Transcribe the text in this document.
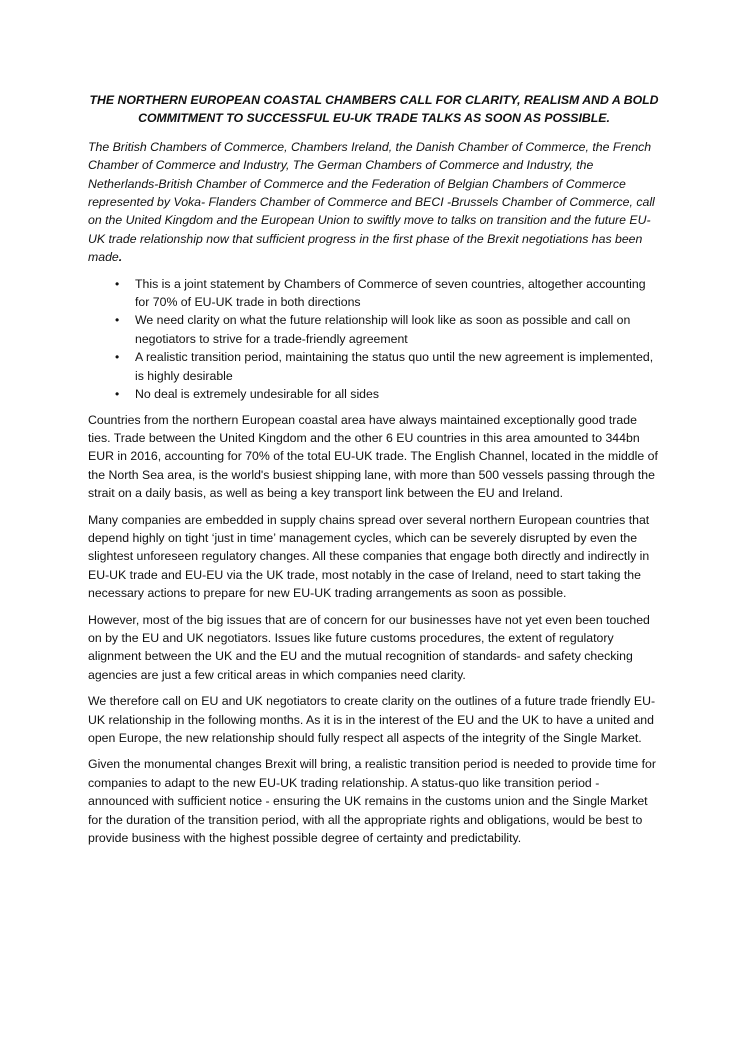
THE NORTHERN EUROPEAN COASTAL CHAMBERS CALL FOR CLARITY, REALISM AND A BOLD COMMITMENT TO SUCCESSFUL EU-UK TRADE TALKS AS SOON AS POSSIBLE.

The British Chambers of Commerce, Chambers Ireland, the Danish Chamber of Commerce, the French Chamber of Commerce and Industry, The German Chambers of Commerce and Industry, the Netherlands-British Chamber of Commerce and the Federation of Belgian Chambers of Commerce represented by Voka- Flanders Chamber of Commerce and BECI -Brussels Chamber of Commerce, call on the United Kingdom and the European Union to swiftly move to talks on transition and the future EU-UK trade relationship now that sufficient progress in the first phase of the Brexit negotiations has been made.

• This is a joint statement by Chambers of Commerce of seven countries, altogether accounting for 70% of EU-UK trade in both directions
• We need clarity on what the future relationship will look like as soon as possible and call on negotiators to strive for a trade-friendly agreement
• A realistic transition period, maintaining the status quo until the new agreement is implemented, is highly desirable
• No deal is extremely undesirable for all sides

Countries from the northern European coastal area have always maintained exceptionally good trade ties. Trade between the United Kingdom and the other 6 EU countries in this area amounted to 344bn EUR in 2016, accounting for 70% of the total EU-UK trade. The English Channel, located in the middle of the North Sea area, is the world's busiest shipping lane, with more than 500 vessels passing through the strait on a daily basis, as well as being a key transport link between the EU and Ireland.

Many companies are embedded in supply chains spread over several northern European countries that depend highly on tight ‘just in time’ management cycles, which can be severely disrupted by even the slightest unforeseen regulatory changes. All these companies that engage both directly and indirectly in EU-UK trade and EU-EU via the UK trade, most notably in the case of Ireland, need to start taking the necessary actions to prepare for new EU-UK trading arrangements as soon as possible.

However, most of the big issues that are of concern for our businesses have not yet even been touched on by the EU and UK negotiators. Issues like future customs procedures, the extent of regulatory alignment between the UK and the EU and the mutual recognition of standards- and safety checking agencies are just a few critical areas in which companies need clarity.

We therefore call on EU and UK negotiators to create clarity on the outlines of a future trade friendly EU-UK relationship in the following months. As it is in the interest of the EU and the UK to have a united and open Europe, the new relationship should fully respect all aspects of the integrity of the Single Market.

Given the monumental changes Brexit will bring, a realistic transition period is needed to provide time for companies to adapt to the new EU-UK trading relationship. A status-quo like transition period - announced with sufficient notice - ensuring the UK remains in the customs union and the Single Market for the duration of the transition period, with all the appropriate rights and obligations, would be best to provide business with the highest possible degree of certainty and predictability.
